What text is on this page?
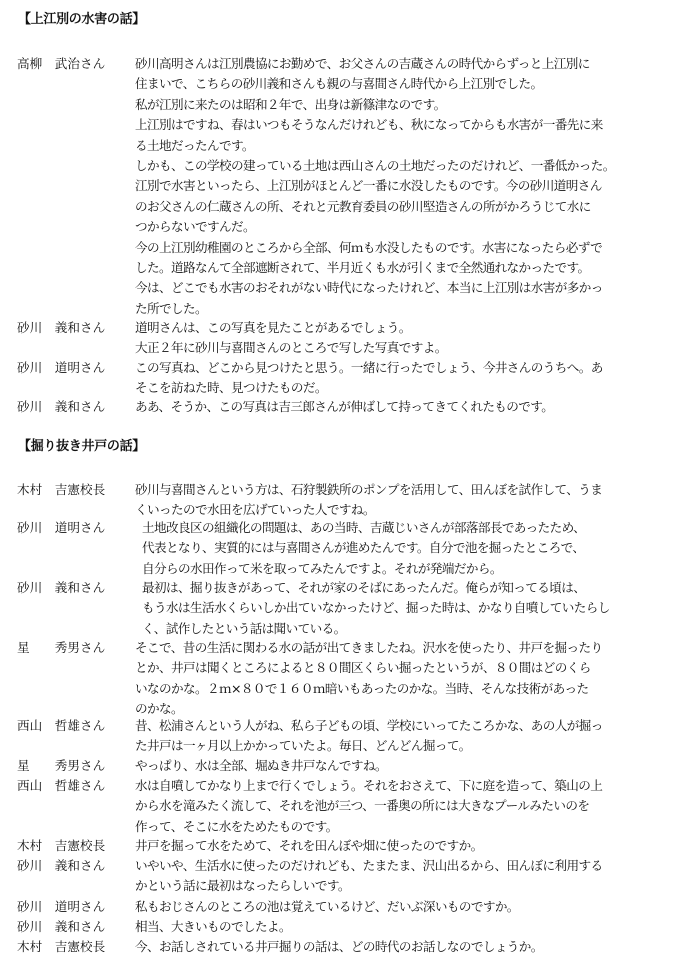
【上江別の水害の話】
高柳　武治さん	砂川高明さんは江別農協にお勤めで、お父さんの吉蔵さんの時代からずっと上江別に
住まいで、こちらの砂川義和さんも親の与喜間さん時代から上江別でした。
私が江別に来たのは昭和２年で、出身は新篠津なのです。
上江別はですね、春はいつもそうなんだけれども、秋になってからも水害が一番先に来
る土地だったんです。
しかも、この学校の建っている土地は西山さんの土地だったのだけれど、一番低かった。
江別で水害といったら、上江別がほとんど一番に水没したものです。今の砂川道明さん
のお父さんの仁蔵さんの所、それと元教育委員の砂川堅造さんの所がかろうじて水に
つからないですんだ。
今の上江別幼稚園のところから全部、何ｍも水没したものです。水害になったら必ずで
した。道路なんて全部遮断されて、半月近くも水が引くまで全然通れなかったです。
今は、どこでも水害のおそれがない時代になったけれど、本当に上江別は水害が多かっ
た所でした。
砂川　義和さん	道明さんは、この写真を見たことがあるでしょう。
大正２年に砂川与喜間さんのところで写した写真ですよ。
砂川　道明さん	この写真ね、どこから見つけたと思う。一緒に行ったでしょう、今井さんのうちへ。あ
そこを訪ねた時、見つけたものだ。
砂川　義和さん	ああ、そうか、この写真は吉三郎さんが伸ばして持ってきてくれたものです。
【掘り抜き井戸の話】
木村　吉憲校長	砂川与喜間さんという方は、石狩製鉄所のポンプを活用して、田んぼを試作して、うま
くいったので水田を広げていった人ですね。
砂川　道明さん	土地改良区の組織化の問題は、あの当時、吉蔵じいさんが部落部長であったため、
代表となり、実質的には与喜間さんが進めたんです。自分で池を掘ったところで、
自分らの水田作って米を取ってみたんですよ。それが発端だから。
砂川　義和さん	最初は、掘り抜きがあって、それが家のそばにあったんだ。俺らが知ってる頃は、
もう水は生活水くらいしか出ていなかったけど、掘った時は、かなり自噴していたらし
く、試作したという話は聞いている。
星　　秀男さん	そこで、昔の生活に関わる水の話が出てきましたね。沢水を使ったり、井戸を掘ったり
とか、井戸は聞くところによると８０間区くらい掘ったというが、８０間はどのくら
いなのかな。２ｍ×８０で１６０ｍ暗いもあったのかな。当時、そんな技術があった
のかな。
西山　哲雄さん	昔、松浦さんという人がね、私ら子どもの頃、学校にいってたころかな、あの人が掘っ
た井戸は一ヶ月以上かかっていたよ。毎日、どんどん掘って。
星　　秀男さん	やっぱり、水は全部、堀ぬき井戸なんですね。
西山　哲雄さん	水は自噴してかなり上まで行くでしょう。それをおさえて、下に庭を造って、築山の上
から水を滝みたく流して、それを池が三つ、一番奥の所には大きなプールみたいのを
作って、そこに水をためたものです。
木村　吉憲校長	井戸を掘って水をためて、それを田んぼや畑に使ったのですか。
砂川　義和さん	いやいや、生活水に使ったのだけれども、たまたま、沢山出るから、田んぼに利用する
かという話に最初はなったらしいです。
砂川　道明さん	私もおじさんのところの池は覚えているけど、だいぶ深いものですか。
砂川　義和さん	相当、大きいものでしたよ。
木村　吉憲校長	今、お話しされている井戸掘りの話は、どの時代のお話しなのでしょうか。
